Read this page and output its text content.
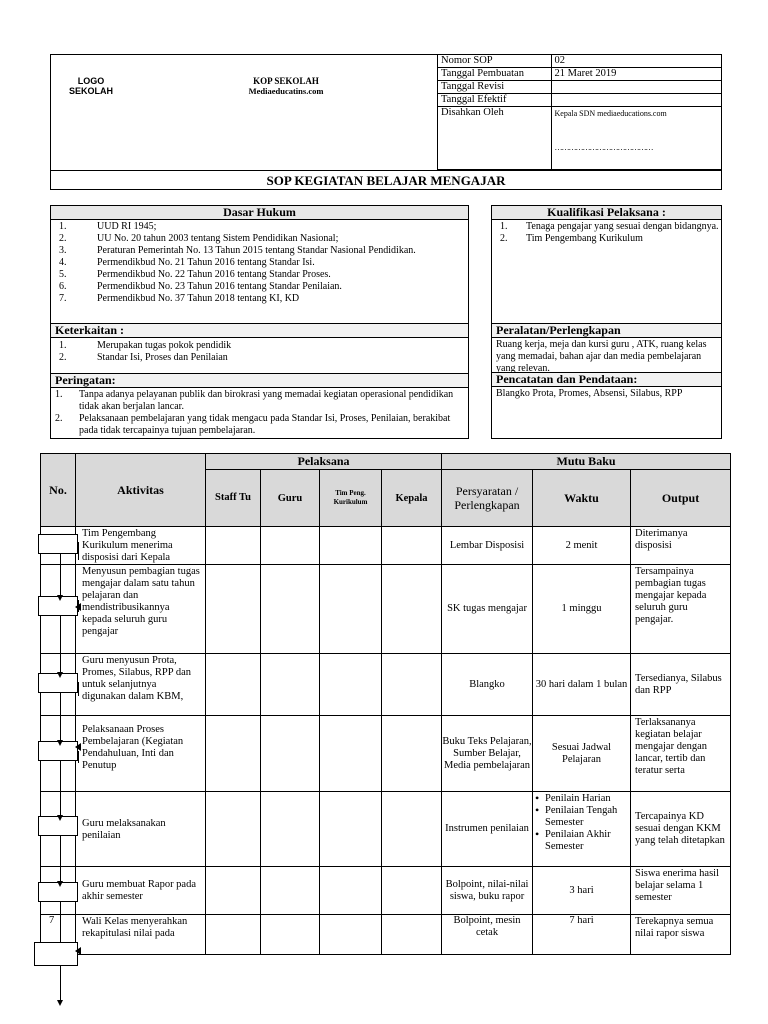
LOGO
SEKOLAH
KOP SEKOLAH
Mediaeducatins.com
Nomor SOP	02
Tanggal Pembuatan	21 Maret 2019
Tanggal Revisi	
Tanggal Efektif	
Disahkan Oleh	Kepala SDN mediaeducations.com
……………………………………
SOP KEGIATAN BELAJAR MENGAJAR
Dasar Hukum
1.	UUD RI 1945;
2.	UU No. 20 tahun 2003 tentang Sistem Pendidikan Nasional;
3.	Peraturan Pemerintah No. 13 Tahun 2015 tentang Standar Nasional Pendidikan.
4.	Permendikbud No. 21 Tahun 2016 tentang Standar Isi.
5.	Permendikbud No. 22 Tahun 2016 tentang Standar Proses.
6.	Permendikbud No. 23 Tahun 2016 tentang Standar Penilaian.
7.	Permendikbud No. 37 Tahun 2018 tentang KI, KD
Keterkaitan :
1.	Merupakan tugas pokok pendidik
2.	Standar Isi, Proses dan Penilaian
Peringatan:
1. Tanpa adanya pelayanan publik dan birokrasi yang memadai kegiatan operasional pendidikan tidak akan berjalan lancar.
2. Pelaksanaan pembelajaran yang tidak mengacu pada Standar Isi, Proses, Penilaian, berakibat pada tidak tercapainya tujuan pembelajaran.
Kualifikasi Pelaksana :
1. Tenaga pengajar yang sesuai dengan bidangnya.
2. Tim Pengembang Kurikulum
Peralatan/Perlengkapan
Ruang kerja, meja dan kursi guru , ATK, ruang kelas yang memadai, bahan ajar dan media pembelajaran yang relevan.
Pencatatan dan Pendataan:
Blangko Prota, Promes, Absensi, Silabus, RPP
No.	Aktivitas	Pelaksana				Mutu Baku		
		Staff Tu	Guru	Tim Peng. Kurikulum	Kepala	Persyaratan / Perlengkapan	Waktu	Output
	Tim Pengembang Kurikulum menerima disposisi dari Kepala					Lembar Disposisi	2 menit	Diterimanya disposisi
	Menyusun pembagian tugas mengajar dalam satu tahun pelajaran dan mendistribusikannya kepada seluruh guru pengajar					SK tugas mengajar	1 minggu	Tersampainya pembagian tugas mengajar kepada seluruh guru pengajar.
	Guru menyusun Prota, Promes, Silabus, RPP dan untuk selanjutnya digunakan dalam KBM,					Blangko	30 hari dalam 1 bulan	Tersedianya, Silabus dan RPP
	Pelaksanaan Proses Pembelajaran (Kegiatan Pendahuluan, Inti dan Penutup					Buku Teks Pelajaran, Sumber Belajar, Media pembelajaran	Sesuai Jadwal Pelajaran	Terlaksananya kegiatan belajar mengajar dengan lancar, tertib dan teratur serta
	Guru melaksanakan penilaian					Instrumen penilaian	• Penilain Harian
• Penilaian Tengah Semester
• Penilaian Akhir Semester	Tercapainya KD sesuai dengan KKM yang telah ditetapkan
	Guru membuat Rapor pada akhir semester					Bolpoint, nilai-nilai siswa, buku rapor	3 hari	Siswa enerima hasil belajar selama 1 semester
7	Wali Kelas menyerahkan rekapitulasi nilai pada					Bolpoint, mesin cetak	7 hari	Terekapnya semua nilai rapor siswa
